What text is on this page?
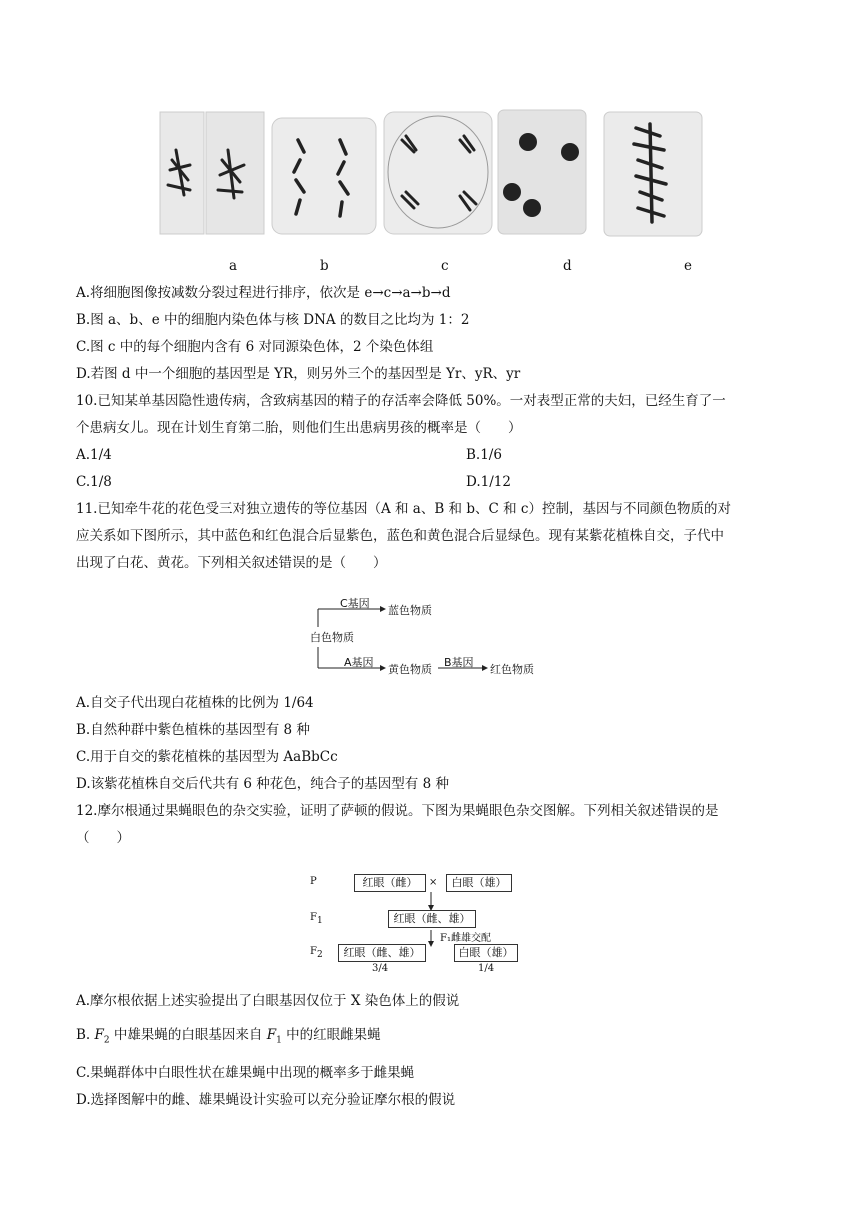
a	b	c	d	e
A.将细胞图像按减数分裂过程进行排序，依次是 e→c→a→b→d
B.图 a、b、e 中的细胞内染色体与核 DNA 的数目之比均为 1：2
C.图 c 中的每个细胞内含有 6 对同源染色体，2 个染色体组
D.若图 d 中一个细胞的基因型是 YR，则另外三个的基因型是 Yr、yR、yr
10.已知某单基因隐性遗传病，含致病基因的精子的存活率会降低 50%。一对表型正常的夫妇，已经生育了一
个患病女儿。现在计划生育第二胎，则他们生出患病男孩的概率是（　　）
A.1/4	B.1/6
C.1/8	D.1/12
11.已知牵牛花的花色受三对独立遗传的等位基因（A 和 a、B 和 b、C 和 c）控制，基因与不同颜色物质的对
应关系如下图所示，其中蓝色和红色混合后显紫色，蓝色和黄色混合后显绿色。现有某紫花植株自交，子代中
出现了白花、黄花。下列相关叙述错误的是（　　）
C基因
蓝色物质
白色物质
A基因
黄色物质
B基因
红色物质
A.自交子代出现白花植株的比例为 1/64
B.自然种群中紫色植株的基因型有 8 种
C.用于自交的紫花植株的基因型为 AaBbCc
D.该紫花植株自交后代共有 6 种花色，纯合子的基因型有 8 种
12.摩尔根通过果蝇眼色的杂交实验，证明了萨顿的假说。下图为果蝇眼色杂交图解。下列相关叙述错误的是
（　　）
P	红眼（雌）	×	白眼（雄）
$F_1$	红眼（雌、雄）
F₁雌雄交配
$F_2$	红眼（雌、雄）	白眼（雄）
3/4	1/4
A.摩尔根依据上述实验提出了白眼基因仅位于 X 染色体上的假说
B. $F_2$ 中雄果蝇的白眼基因来自 $F_1$ 中的红眼雌果蝇
C.果蝇群体中白眼性状在雄果蝇中出现的概率多于雌果蝇
D.选择图解中的雌、雄果蝇设计实验可以充分验证摩尔根的假说
